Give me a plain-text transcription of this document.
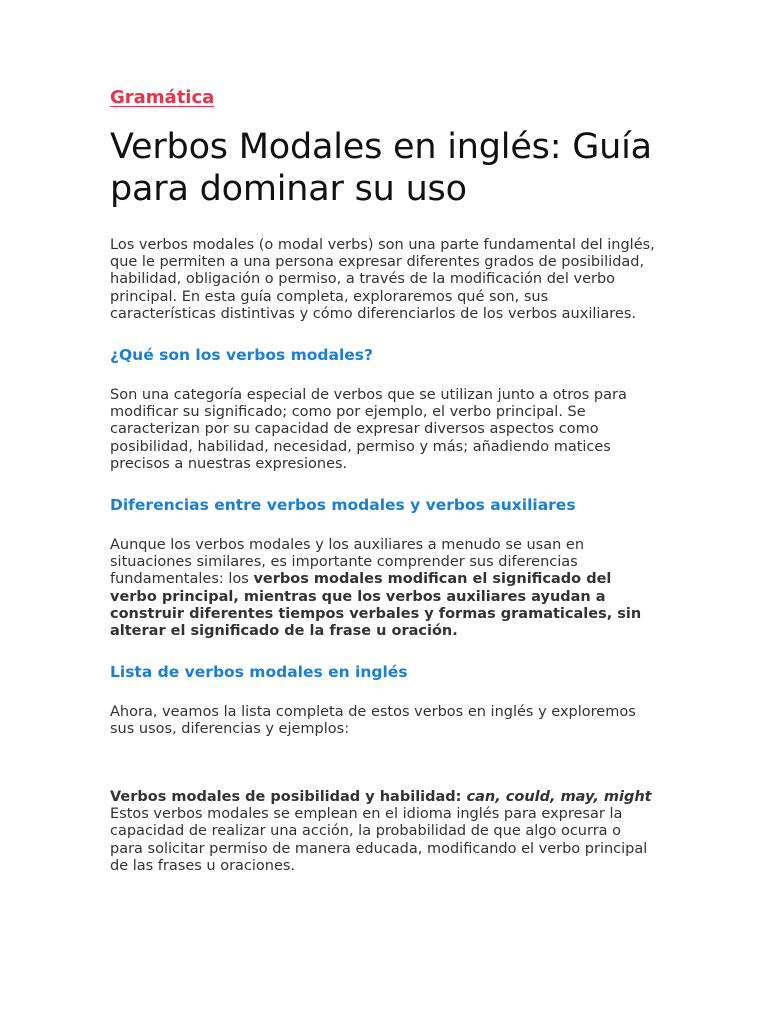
Gramática
Verbos Modales en inglés: Guía para dominar su uso

Los verbos modales (o modal verbs) son una parte fundamental del inglés, que le permiten a una persona expresar diferentes grados de posibilidad, habilidad, obligación o permiso, a través de la modificación del verbo principal. En esta guía completa, exploraremos qué son, sus características distintivas y cómo diferenciarlos de los verbos auxiliares.

¿Qué son los verbos modales?

Son una categoría especial de verbos que se utilizan junto a otros para modificar su significado; como por ejemplo, el verbo principal. Se caracterizan por su capacidad de expresar diversos aspectos como posibilidad, habilidad, necesidad, permiso y más; añadiendo matices precisos a nuestras expresiones.

Diferencias entre verbos modales y verbos auxiliares

Aunque los verbos modales y los auxiliares a menudo se usan en situaciones similares, es importante comprender sus diferencias fundamentales: los verbos modales modifican el significado del verbo principal, mientras que los verbos auxiliares ayudan a construir diferentes tiempos verbales y formas gramaticales, sin alterar el significado de la frase u oración.

Lista de verbos modales en inglés

Ahora, veamos la lista completa de estos verbos en inglés y exploremos sus usos, diferencias y ejemplos:

Verbos modales de posibilidad y habilidad: can, could, may, might

Estos verbos modales se emplean en el idioma inglés para expresar la capacidad de realizar una acción, la probabilidad de que algo ocurra o para solicitar permiso de manera educada, modificando el verbo principal de las frases u oraciones.
